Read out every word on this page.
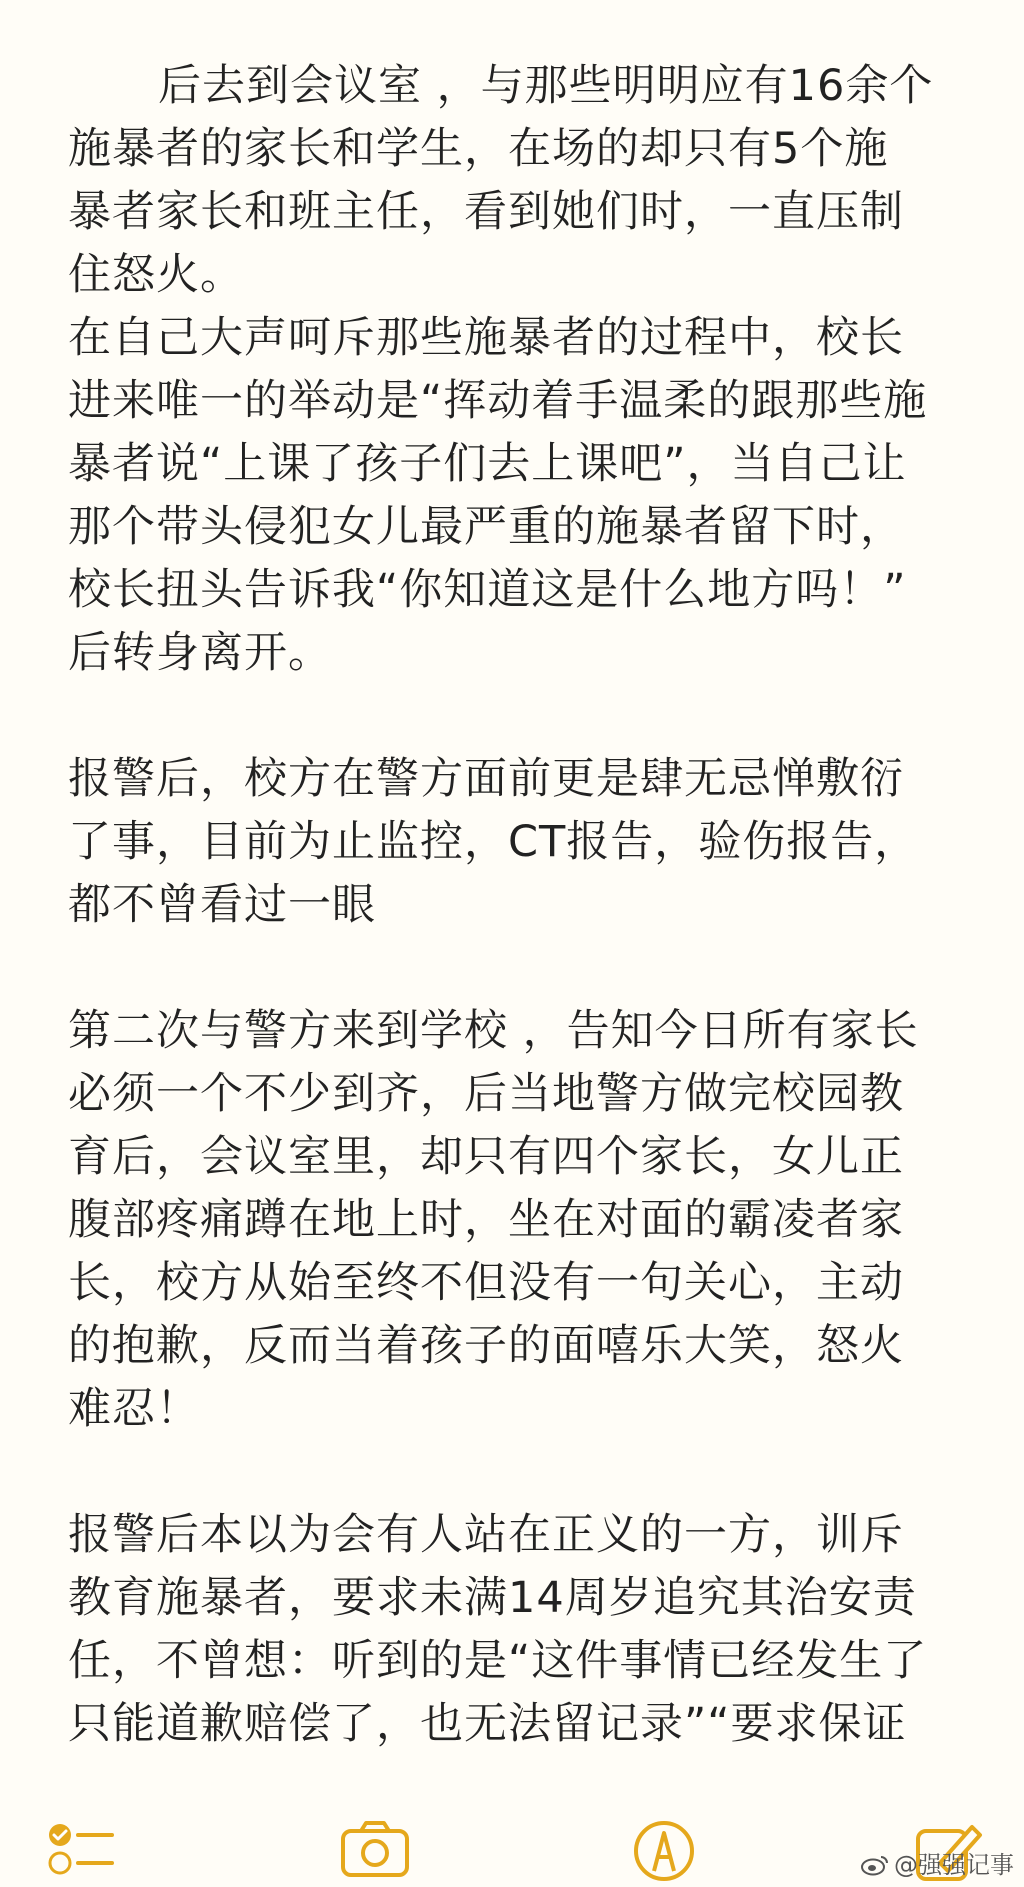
后去到会议室 ，与那些明明应有16余个
施暴者的家长和学生，在场的却只有5个施
暴者家长和班主任，看到她们时，一直压制
住怒火。
在自己大声呵斥那些施暴者的过程中，校长
进来唯一的举动是“挥动着手温柔的跟那些施
暴者说“上课了孩子们去上课吧”，当自己让
那个带头侵犯女儿最严重的施暴者留下时，
校长扭头告诉我“你知道这是什么地方吗！”
后转身离开。
报警后，校方在警方面前更是肆无忌惮敷衍
了事，目前为止监控，CT报告，验伤报告，
都不曾看过一眼
第二次与警方来到学校 ，告知今日所有家长
必须一个不少到齐，后当地警方做完校园教
育后，会议室里，却只有四个家长，女儿正
腹部疼痛蹲在地上时，坐在对面的霸凌者家
长，校方从始至终不但没有一句关心，主动
的抱歉，反而当着孩子的面嘻乐大笑，怒火
难忍！
报警后本以为会有人站在正义的一方，训斥
教育施暴者，要求未满14周岁追究其治安责
任，不曾想：听到的是“这件事情已经发生了
只能道歉赔偿了，也无法留记录”“要求保证
@强强记事
